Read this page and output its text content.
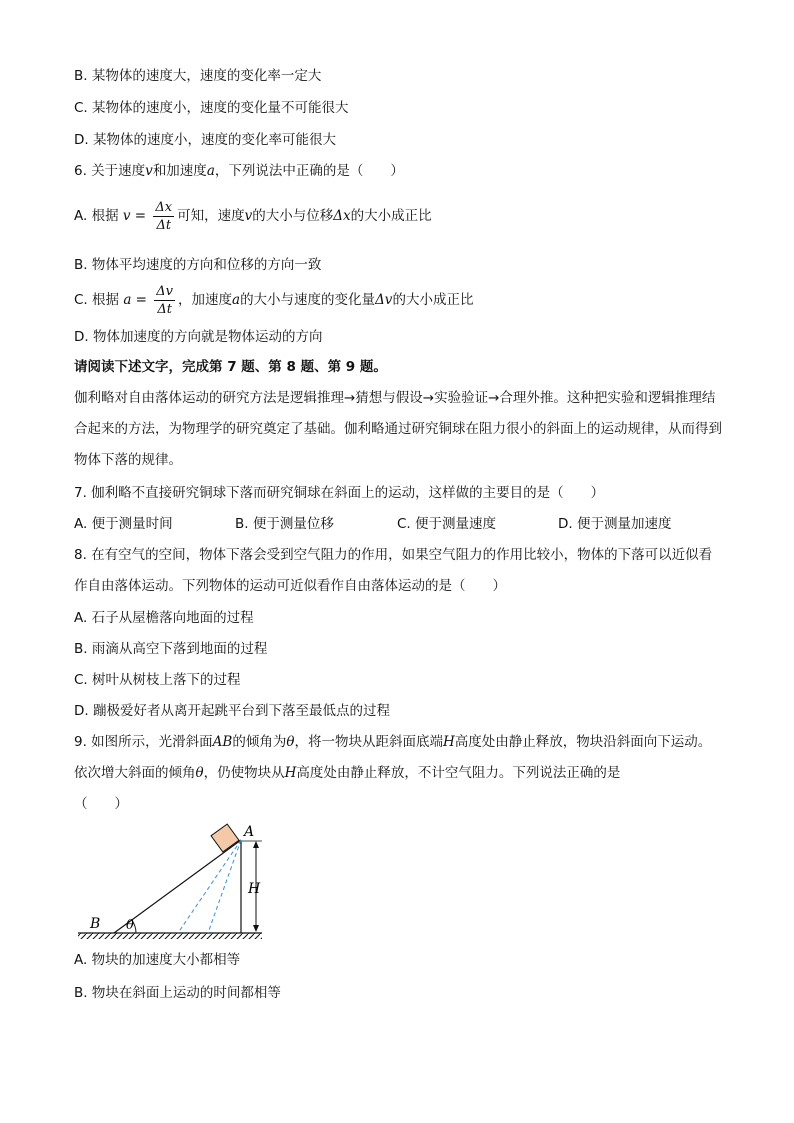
B. 某物体的速度大，速度的变化率一定大
C. 某物体的速度小，速度的变化量不可能很大
D. 某物体的速度小，速度的变化率可能很大
6. 关于速度v和加速度a，下列说法中正确的是（　　）
A. 根据 $v = \frac{\Delta x}{\Delta t}$ 可知，速度v的大小与位移Δx的大小成正比
B. 物体平均速度的方向和位移的方向一致
C. 根据 $a = \frac{\Delta v}{\Delta t}$ ，加速度a的大小与速度的变化量Δv的大小成正比
D. 物体加速度的方向就是物体运动的方向
请阅读下述文字，完成第 7 题、第 8 题、第 9 题。
伽利略对自由落体运动的研究方法是逻辑推理→猜想与假设→实验验证→合理外推。这种把实验和逻辑推理结合起来的方法，为物理学的研究奠定了基础。伽利略通过研究铜球在阻力很小的斜面上的运动规律，从而得到物体下落的规律。
7. 伽利略不直接研究铜球下落而研究铜球在斜面上的运动，这样做的主要目的是（　　）
A. 便于测量时间	B. 便于测量位移	C. 便于测量速度	D. 便于测量加速度
8. 在有空气的空间，物体下落会受到空气阻力的作用，如果空气阻力的作用比较小，物体的下落可以近似看作自由落体运动。下列物体的运动可近似看作自由落体运动的是（　　）
A. 石子从屋檐落向地面的过程
B. 雨滴从高空下落到地面的过程
C. 树叶从树枝上落下的过程
D. 蹦极爱好者从离开起跳平台到下落至最低点的过程
9. 如图所示，光滑斜面AB的倾角为θ，将一物块从距斜面底端H高度处由静止释放，物块沿斜面向下运动。依次增大斜面的倾角θ，仍使物块从H高度处由静止释放，不计空气阻力。下列说法正确的是
（　　）
A
B
H
θ
A. 物块的加速度大小都相等
B. 物块在斜面上运动的时间都相等
